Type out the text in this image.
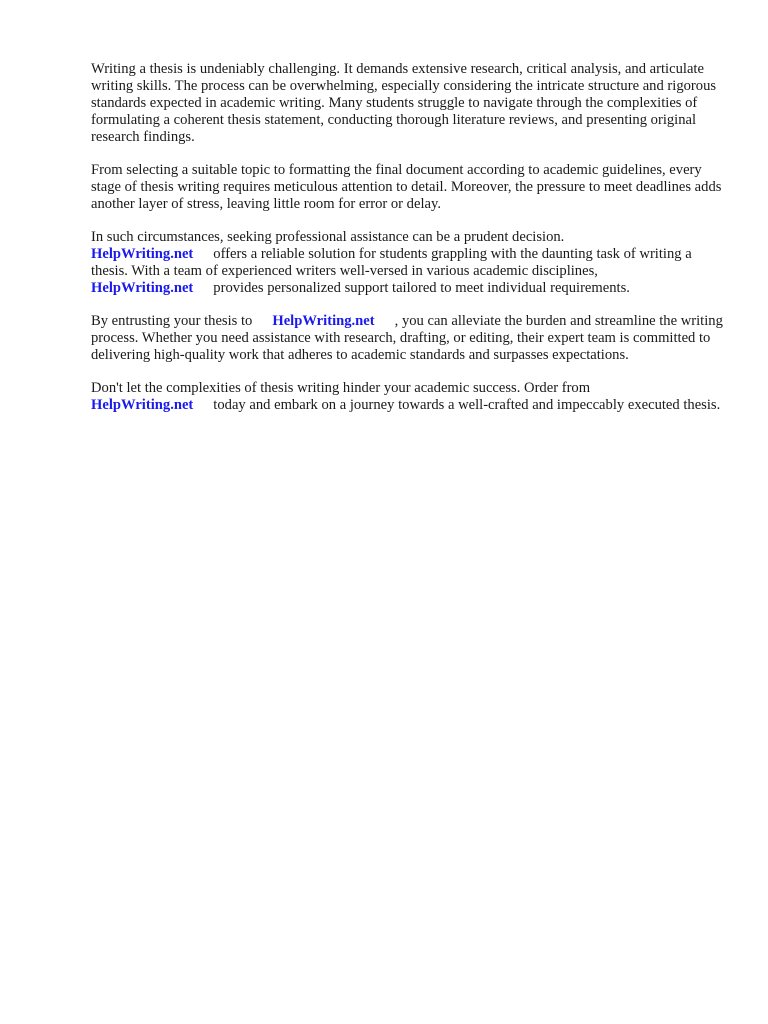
Writing a thesis is undeniably challenging. It demands extensive research, critical analysis, and articulate writing skills. The process can be overwhelming, especially considering the intricate structure and rigorous standards expected in academic writing. Many students struggle to navigate through the complexities of formulating a coherent thesis statement, conducting thorough literature reviews, and presenting original research findings.

From selecting a suitable topic to formatting the final document according to academic guidelines, every stage of thesis writing requires meticulous attention to detail. Moreover, the pressure to meet deadlines adds another layer of stress, leaving little room for error or delay.

In such circumstances, seeking professional assistance can be a prudent decision.
HelpWriting.net offers a reliable solution for students grappling with the daunting task of writing a thesis. With a team of experienced writers well-versed in various academic disciplines,
HelpWriting.net provides personalized support tailored to meet individual requirements.

By entrusting your thesis to HelpWriting.net , you can alleviate the burden and streamline the writing process. Whether you need assistance with research, drafting, or editing, their expert team is committed to delivering high-quality work that adheres to academic standards and surpasses expectations.

Don't let the complexities of thesis writing hinder your academic success. Order from
HelpWriting.net today and embark on a journey towards a well-crafted and impeccably executed thesis.
